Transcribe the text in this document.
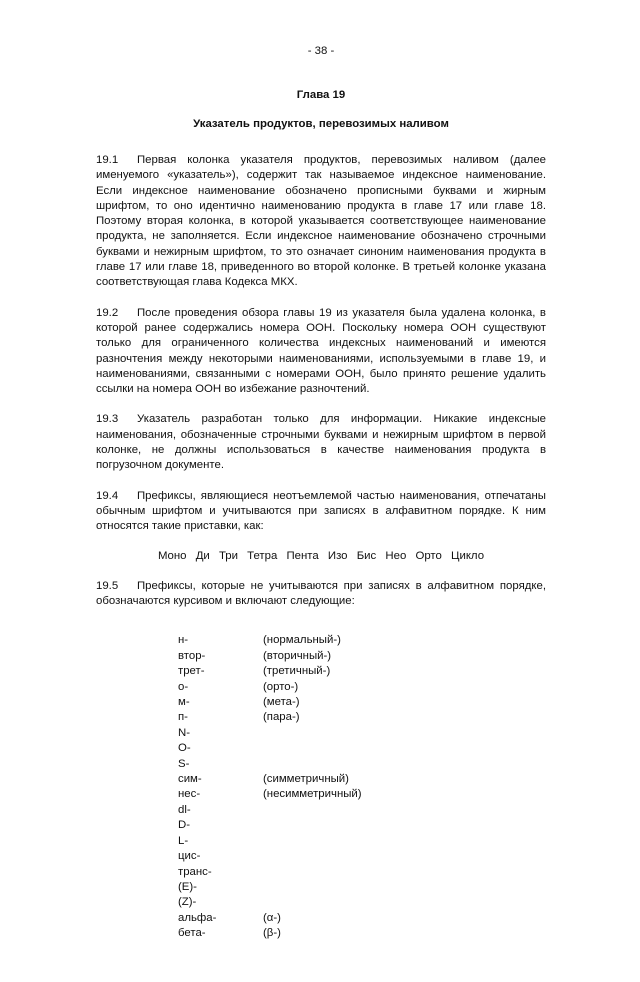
- 38 -
Глава 19
Указатель продуктов, перевозимых наливом
19.1 Первая колонка указателя продуктов, перевозимых наливом (далее именуемого «указатель»), содержит так называемое индексное наименование. Если индексное наименование обозначено прописными буквами и жирным шрифтом, то оно идентично наименованию продукта в главе 17 или главе 18. Поэтому вторая колонка, в которой указывается соответствующее наименование продукта, не заполняется. Если индексное наименование обозначено строчными буквами и нежирным шрифтом, то это означает синоним наименования продукта в главе 17 или главе 18, приведенного во второй колонке. В третьей колонке указана соответствующая глава Кодекса МКХ.
19.2 После проведения обзора главы 19 из указателя была удалена колонка, в которой ранее содержались номера ООН. Поскольку номера ООН существуют только для ограниченного количества индексных наименований и имеются разночтения между некоторыми наименованиями, используемыми в главе 19, и наименованиями, связанными с номерами ООН, было принято решение удалить ссылки на номера ООН во избежание разночтений.
19.3 Указатель разработан только для информации. Никакие индексные наименования, обозначенные строчными буквами и нежирным шрифтом в первой колонке, не должны использоваться в качестве наименования продукта в погрузочном документе.
19.4 Префиксы, являющиеся неотъемлемой частью наименования, отпечатаны обычным шрифтом и учитываются при записях в алфавитном порядке. К ним относятся такие приставки, как:
Моно Ди Три Тетра Пента Изо Бис Нео Орто Цикло
19.5 Префиксы, которые не учитываются при записях в алфавитном порядке, обозначаются курсивом и включают следующие:
н-	(нормальный-)
втор-	(вторичный-)
трет-	(третичный-)
о-	(орто-)
м-	(мета-)
п-	(пара-)
N-
O-
S-
сим-	(симметричный)
нес-	(несимметричный)
dl-
D-
L-
цис-
транс-
(E)-
(Z)-
альфа-	(α-)
бета-	(β-)
